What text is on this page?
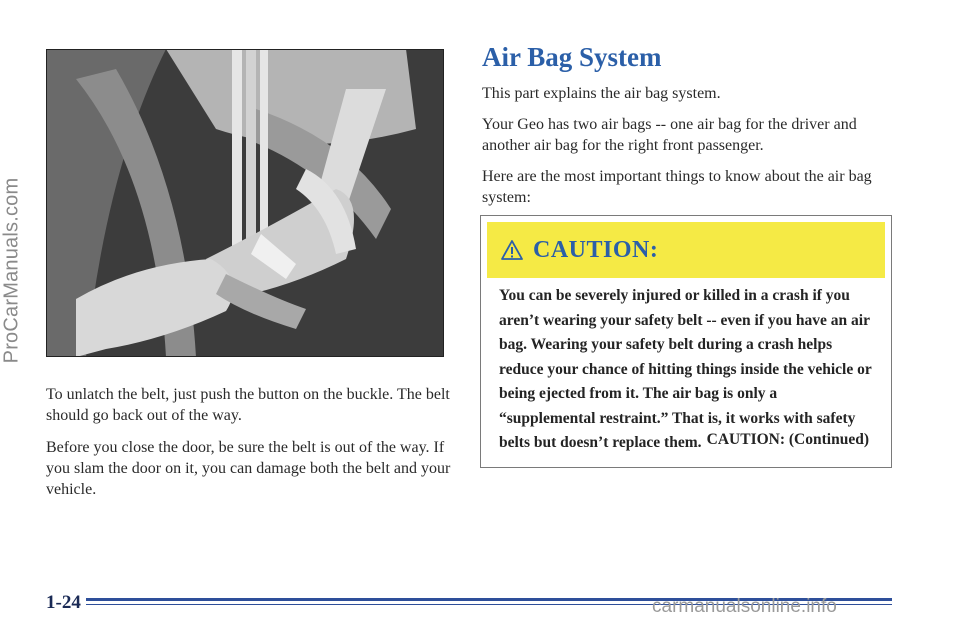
ProCarManuals.com

To unlatch the belt, just push the button on the buckle. The belt should go back out of the way.

Before you close the door, be sure the belt is out of the way. If you slam the door on it, you can damage both the belt and your vehicle.

Air Bag System

This part explains the air bag system.

Your Geo has two air bags -- one air bag for the driver and another air bag for the right front passenger.

Here are the most important things to know about the air bag system:

CAUTION:
You can be severely injured or killed in a crash if you aren’t wearing your safety belt -- even if you have an air bag. Wearing your safety belt during a crash helps reduce your chance of hitting things inside the vehicle or being ejected from it. The air bag is only a “supplemental restraint.” That is, it works with safety belts but doesn’t replace them. CAUTION: (Continued)
1-24	carmanualsonline.info
